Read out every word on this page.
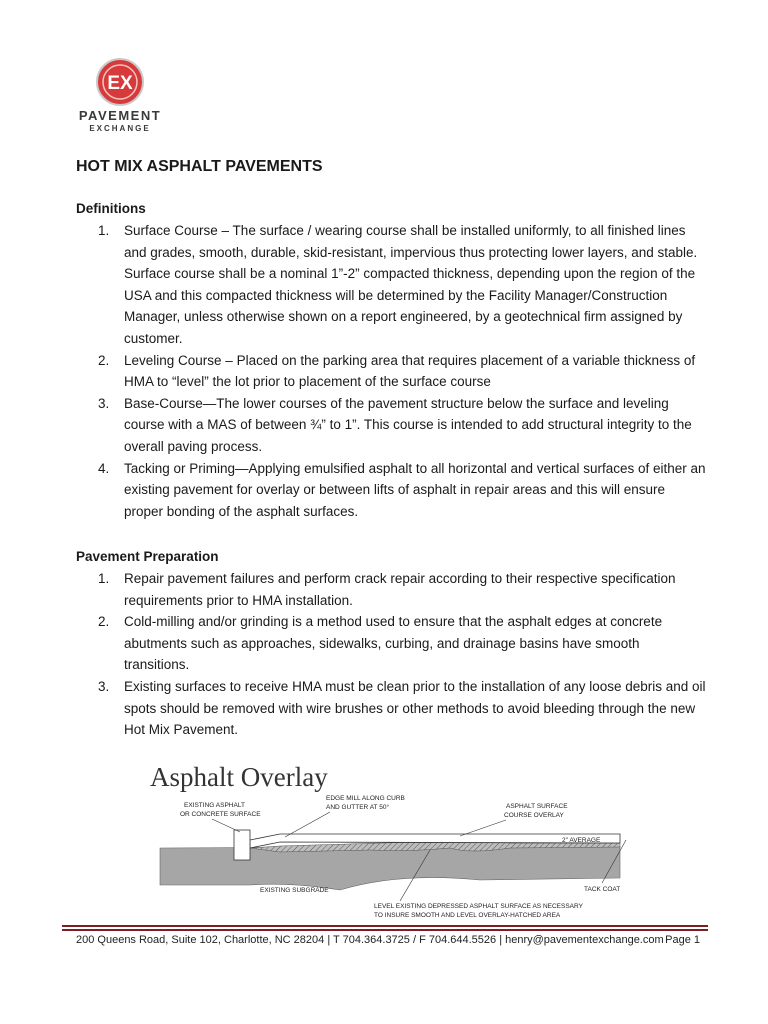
EX
PAVEMENT
EXCHANGE
HOT MIX ASPHALT PAVEMENTS
Definitions
1. Surface Course – The surface / wearing course shall be installed uniformly, to all finished lines and grades, smooth, durable, skid-resistant, impervious thus protecting lower layers, and stable. Surface course shall be a nominal 1”-2” compacted thickness, depending upon the region of the USA and this compacted thickness will be determined by the Facility Manager/Construction Manager, unless otherwise shown on a report engineered, by a geotechnical firm assigned by customer.
2. Leveling Course – Placed on the parking area that requires placement of a variable thickness of HMA to “level” the lot prior to placement of the surface course
3. Base-Course—The lower courses of the pavement structure below the surface and leveling course with a MAS of between ¾” to 1”. This course is intended to add structural integrity to the overall paving process.
4. Tacking or Priming—Applying emulsified asphalt to all horizontal and vertical surfaces of either an existing pavement for overlay or between lifts of asphalt in repair areas and this will ensure proper bonding of the asphalt surfaces.
Pavement Preparation
1. Repair pavement failures and perform crack repair according to their respective specification requirements prior to HMA installation.
2. Cold-milling and/or grinding is a method used to ensure that the asphalt edges at concrete abutments such as approaches, sidewalks, curbing, and drainage basins have smooth transitions.
3. Existing surfaces to receive HMA must be clean prior to the installation of any loose debris and oil spots should be removed with wire brushes or other methods to avoid bleeding through the new Hot Mix Pavement.
Asphalt Overlay
EXISTING ASPHALT
OR CONCRETE SURFACE
EDGE MILL ALONG CURB
AND GUTTER AT 50°	ASPHALT SURFACE
COURSE OVERLAY
2" AVERAGE
EXISTING SUBGRADE	TACK COAT
LEVEL EXISTING DEPRESSED ASPHALT SURFACE AS NECESSARY
TO INSURE SMOOTH AND LEVEL OVERLAY-HATCHED AREA
200 Queens Road, Suite 102, Charlotte, NC 28204 | T 704.364.3725 / F 704.644.5526 | henry@pavementexchange.com Page 1
